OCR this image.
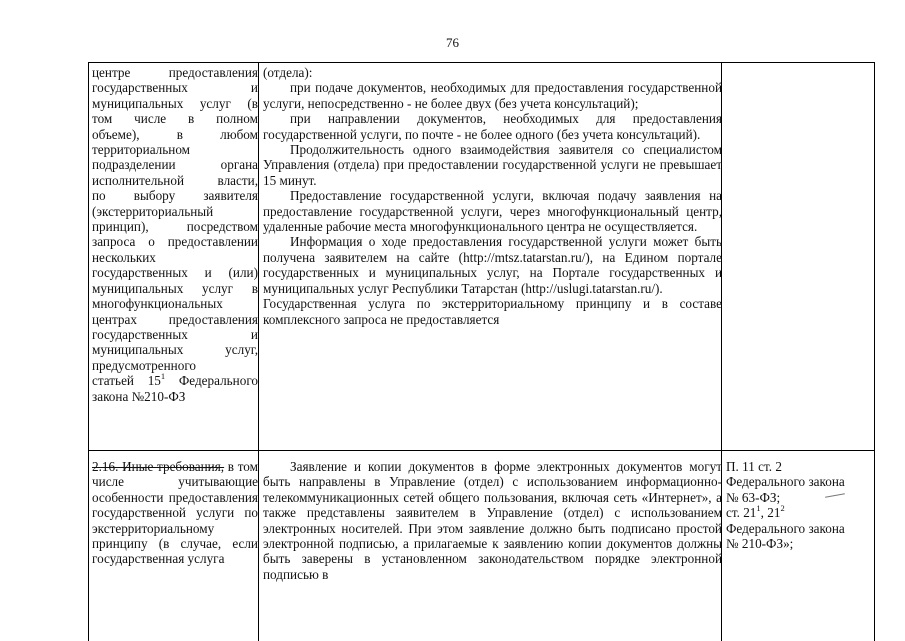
76

центре предоставления

государственных и

муниципальных услуг (в

том числе в полном

объеме), в любом

территориальном

подразделении органа

исполнительной власти,

по выбору заявителя

(экстерриториальный

принцип), посредством

запроса о предоставлении

нескольких

государственных и (или)

муниципальных услуг в

многофункциональных

центрах предоставления

государственных и

муниципальных услуг,

предусмотренного

статьей $15^1$ Федерального

закона №210-ФЗ

(отдела):

при подаче документов, необходимых для предоставления государственной услуги, непосредственно - не более двух (без учета консультаций);

при направлении документов, необходимых для предоставления государственной услуги, по почте - не более одного (без учета консультаций).

Продолжительность одного взаимодействия заявителя со специалистом Управления (отдела) при предоставлении государственной услуги не превышает 15 минут.

Предоставление государственной услуги, включая подачу заявления на предоставление государственной услуги, через многофункциональный центр, удаленные рабочие места многофункционального центра не осуществляется.

Информация о ходе предоставления государственной услуги может быть получена заявителем на сайте (http://mtsz.tatarstan.ru/), на Едином портале государственных и муниципальных услуг, на Портале государственных и муниципальных услуг Республики Татарстан (http://uslugi.tatarstan.ru/).

Государственная услуга по экстерриториальному принципу и в составе комплексного запроса не предоставляется

2.16. Иные требования, в том числе учитывающие особенности предоставления государственной услуги по экстерриториальному принципу (в случае, если государственная услуга

Заявление и копии документов в форме электронных документов могут быть направлены в Управление (отдел) с использованием информационно-телекоммуникационных сетей общего пользования, включая сеть «Интернет», а также представлены заявителем в Управление (отдел) с использованием электронных носителей. При этом заявление должно быть подписано простой электронной подписью, а прилагаемые к заявлению копии документов должны быть заверены в установленном законодательством порядке электронной подписью в

П. 11 ст. 2

Федерального закона

№ 63-ФЗ;

ст. $21^1$, $21^2$

Федерального закона

№ 210-ФЗ»;
